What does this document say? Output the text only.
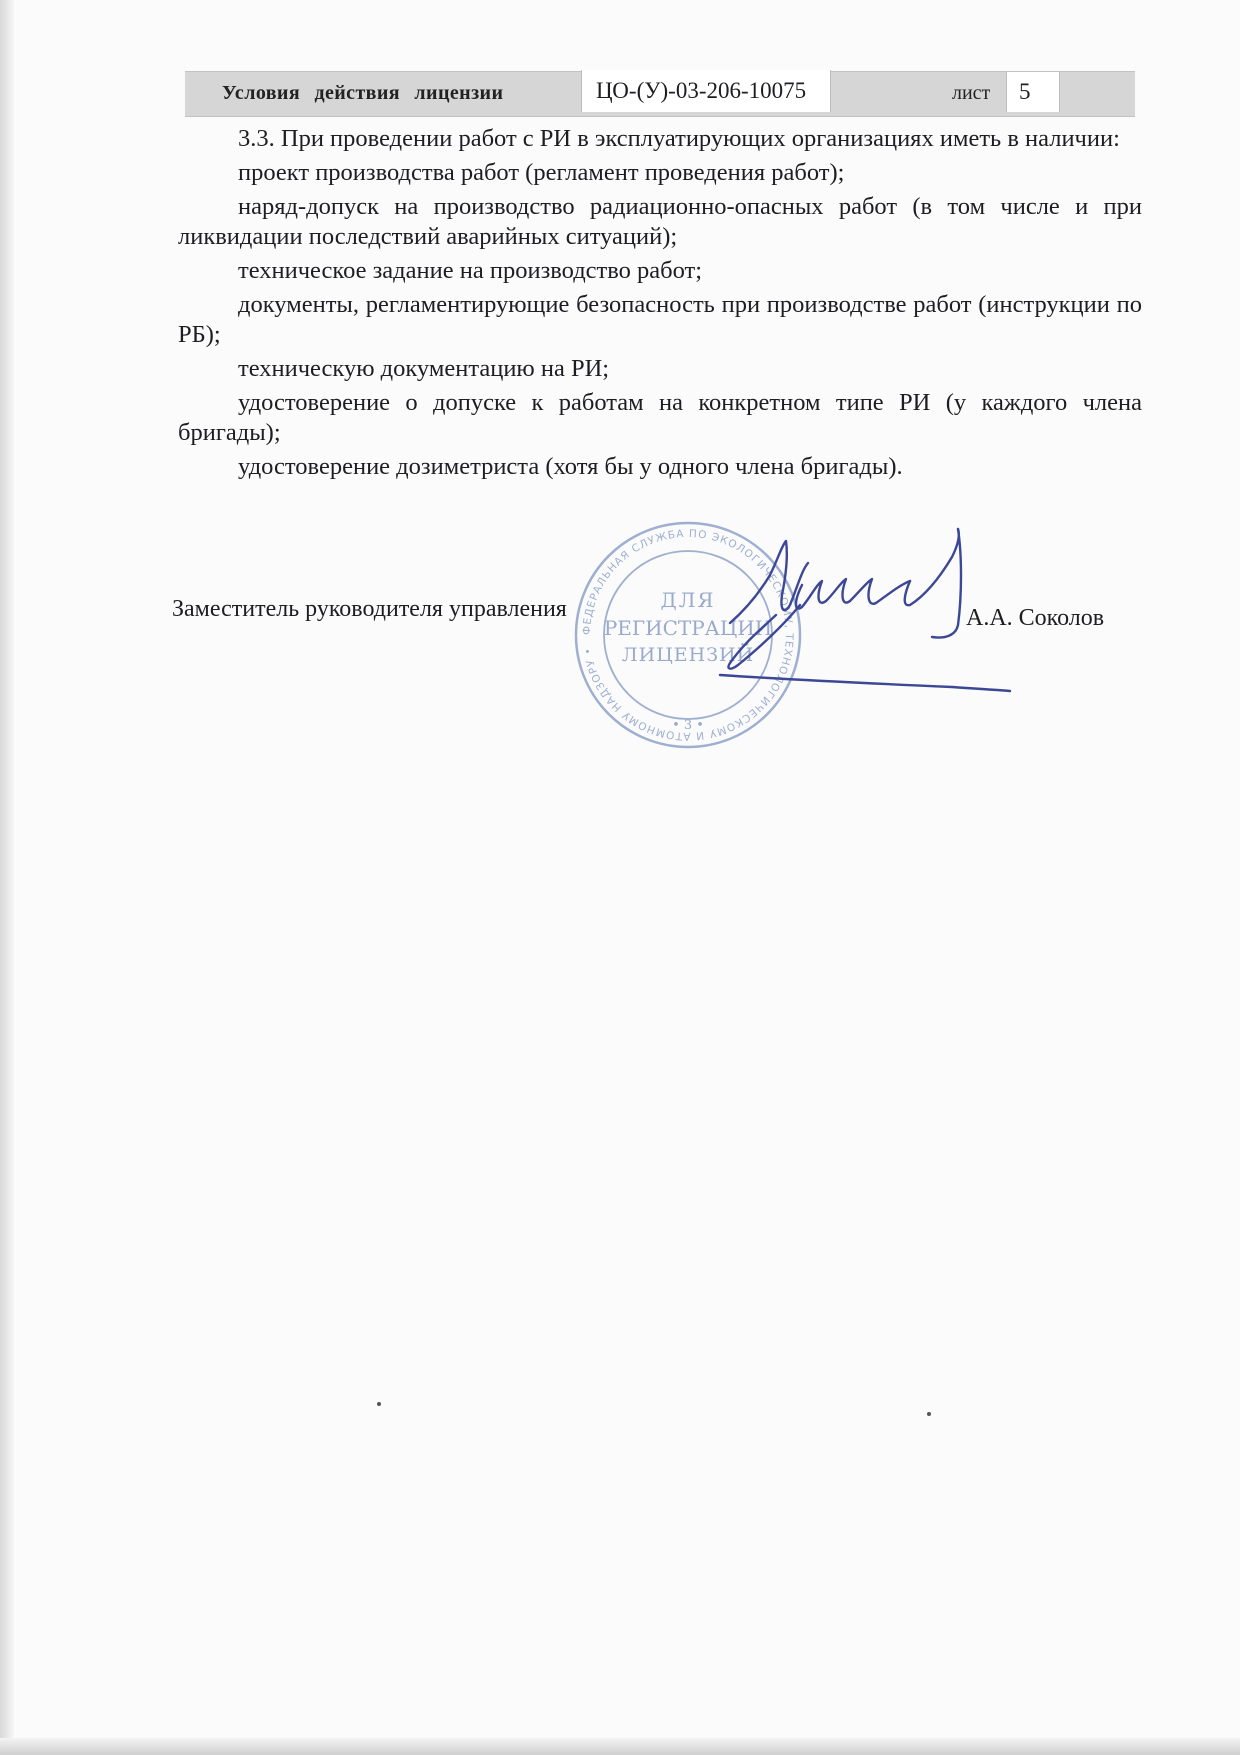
Условия действия лицензии	ЦО-(У)-03-206-10075	лист	5

3.3. При проведении работ с РИ в эксплуатирующих организациях иметь в наличии:

проект производства работ (регламент проведения работ);

наряд-допуск на производство радиационно-опасных работ (в том числе и при ликвидации последствий аварийных ситуаций);

техническое задание на производство работ;

документы, регламентирующие безопасность при производстве работ (инструкции по РБ);

техническую документацию на РИ;

удостоверение о допуске к работам на конкретном типе РИ (у каждого члена бригады);

удостоверение дозиметриста (хотя бы у одного члена бригады).

Заместитель руководителя управления
ФЕДЕРАЛЬНАЯ СЛУЖБА ПО ЭКОЛОГИЧЕСКОМУ, ТЕХНОЛОГИЧЕСКОМУ И АТОМНОМУ НАДЗОРУ •
ДЛЯ
РЕГИСТРАЦИИ
ЛИЦЕНЗИЙ
• 3 •
А.А. Соколов
